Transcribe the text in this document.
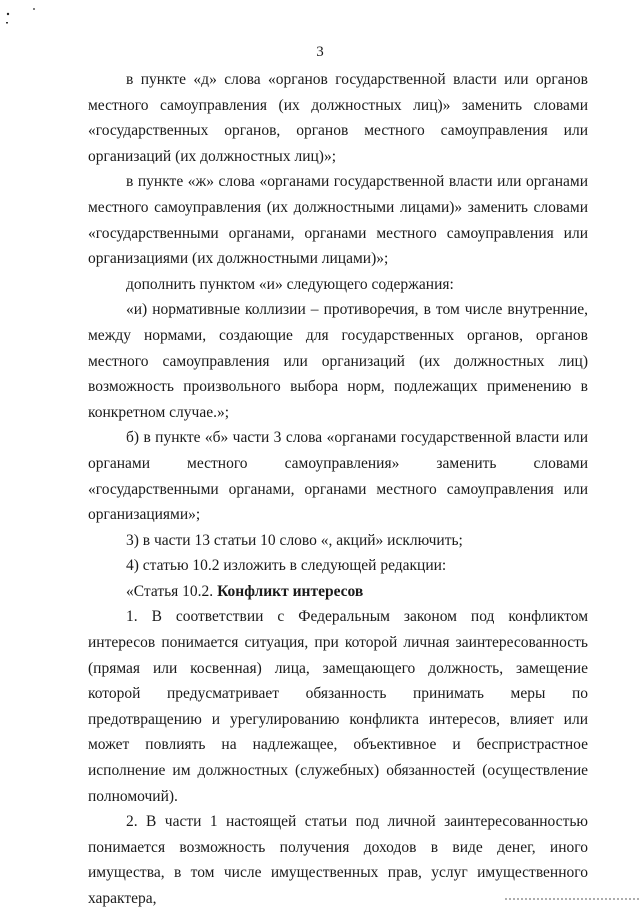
3

в пункте «д» слова «органов государственной власти или органов местного самоуправления (их должностных лиц)» заменить словами «государственных органов, органов местного самоуправления или организаций (их должностных лиц)»;

в пункте «ж» слова «органами государственной власти или органами местного самоуправления (их должностными лицами)» заменить словами «государственными органами, органами местного самоуправления или организациями (их должностными лицами)»;

дополнить пунктом «и» следующего содержания:

«и) нормативные коллизии – противоречия, в том числе внутренние, между нормами, создающие для государственных органов, органов местного самоуправления или организаций (их должностных лиц) возможность произвольного выбора норм, подлежащих применению в конкретном случае.»;

б) в пункте «б» части 3 слова «органами государственной власти или органами местного самоуправления» заменить словами «государственными органами, органами местного самоуправления или организациями»;

3) в части 13 статьи 10 слово «, акций» исключить;

4) статью 10.2 изложить в следующей редакции:

«Статья 10.2. Конфликт интересов

1. В соответствии с Федеральным законом под конфликтом интересов понимается ситуация, при которой личная заинтересованность (прямая или косвенная) лица, замещающего должность, замещение которой предусматривает обязанность принимать меры по предотвращению и урегулированию конфликта интересов, влияет или может повлиять на надлежащее, объективное и беспристрастное исполнение им должностных (служебных) обязанностей (осуществление полномочий).

2. В части 1 настоящей статьи под личной заинтересованностью понимается возможность получения доходов в виде денег, иного имущества, в том числе имущественных прав, услуг имущественного характера,
